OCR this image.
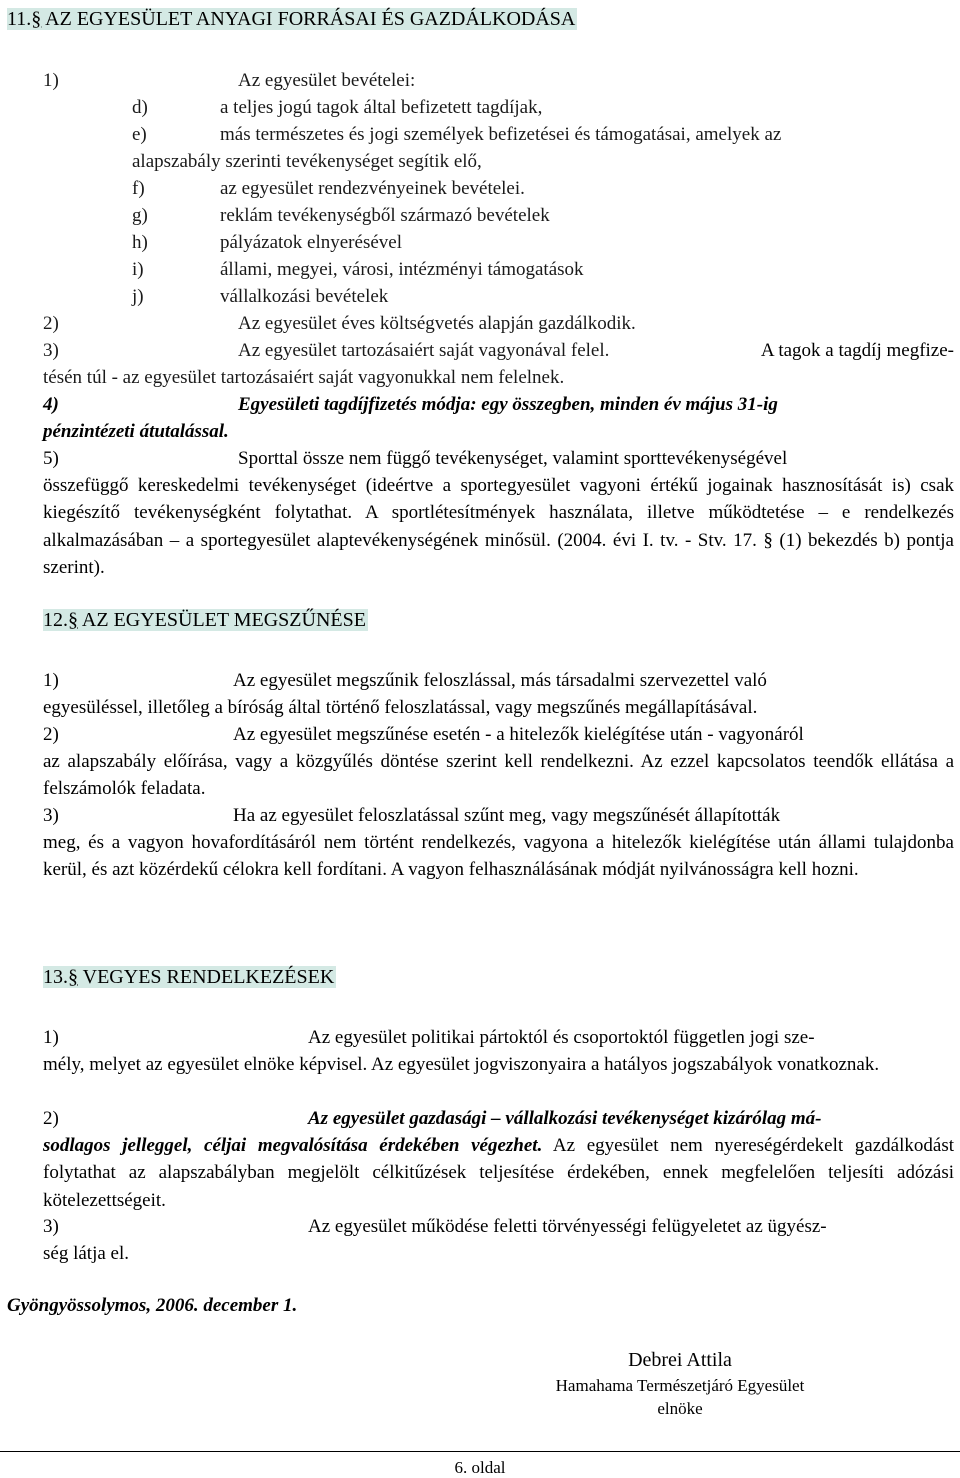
11.§ AZ EGYESÜLET ANYAGI FORRÁSAI ÉS GAZDÁLKODÁSA
1)	Az egyesület bevételei:
d)	a teljes jogú tagok által befizetett tagdíjak,
e)	más természetes és jogi személyek befizetései és támogatásai, amelyek az
alapszabály szerinti tevékenységet segítik elő,
f)	az egyesület rendezvényeinek bevételei.
g)	reklám tevékenységből származó bevételek
h)	pályázatok elnyerésével
i)	állami, megyei, városi, intézményi támogatások
j)	vállalkozási bevételek
2)	Az egyesület éves költségvetés alapján gazdálkodik.
3)	Az egyesület tartozásaiért saját vagyonával felel.	A tagok a tagdíj megfize-
tésén túl - az egyesület tartozásaiért saját vagyonukkal nem felelnek.
4)	Egyesületi tagdíjfizetés módja: egy összegben, minden év május 31-ig
pénzintézeti átutalással.
5)	Sporttal össze nem függő tevékenységet, valamint sporttevékenységével
összefüggő kereskedelmi tevékenységet (ideértve a sportegyesület vagyoni értékű jogainak hasznosítását is) csak kiegészítő tevékenységként folytathat. A sportlétesítmények használata, illetve működtetése – e rendelkezés alkalmazásában – a sportegyesület alaptevékenységének minősül. (2004. évi I. tv. - Stv. 17. § (1) bekezdés b) pontja szerint).
12.§ AZ EGYESÜLET MEGSZŰNÉSE
1)	Az egyesület megszűnik feloszlással, más társadalmi szervezettel való
egyesüléssel, illetőleg a bíróság által történő feloszlatással, vagy megszűnés megállapításával.
2)	Az egyesület megszűnése esetén - a hitelezők kielégítése után - vagyonáról
az alapszabály előírása, vagy a közgyűlés döntése szerint kell rendelkezni. Az ezzel kapcsolatos teendők ellátása a felszámolók feladata.
3)	Ha az egyesület feloszlatással szűnt meg, vagy megszűnését állapították
meg, és a vagyon hovafordításáról nem történt rendelkezés, vagyona a hitelezők kielégítése után állami tulajdonba kerül, és azt közérdekű célokra kell fordítani. A vagyon felhasználásának módját nyilvánosságra kell hozni.
13.§ VEGYES RENDELKEZÉSEK
1)	Az egyesület politikai pártoktól és csoportoktól független jogi sze-
mély, melyet az egyesület elnöke képvisel. Az egyesület jogviszonyaira a hatályos jogszabályok vonatkoznak.
2)	Az egyesület gazdasági – vállalkozási tevékenységet kizárólag má-
sodlagos jelleggel, céljai megvalósítása érdekében végezhet. Az egyesület nem nyereségérdekelt gazdálkodást folytathat az alapszabályban megjelölt célkitűzések teljesítése érdekében, ennek megfelelően teljesíti adózási kötelezettségeit.
3)	Az egyesület működése feletti törvényességi felügyeletet az ügyész-
ség látja el.
Gyöngyössolymos, 2006. december 1.
Debrei Attila
Hamahama Természetjáró Egyesület
elnöke
6. oldal
